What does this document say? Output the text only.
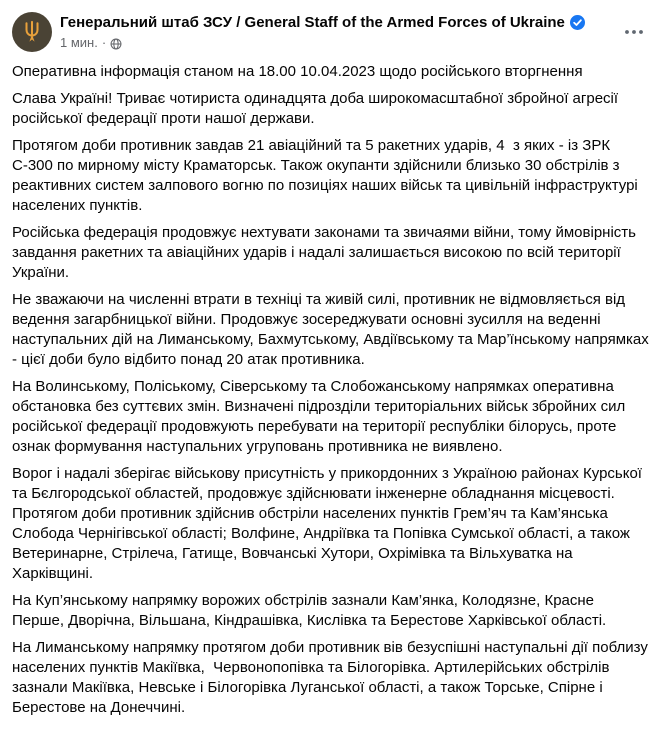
Генеральний штаб ЗСУ / General Staff of the Armed Forces of Ukraine
1 мин. ·

Оперативна інформація станом на 18.00 10.04.2023 щодо російського вторгнення

Слава Україні! Триває чотириста одинадцята доба широкомасштабної збройної агресії російської федерації проти нашої держави.

Протягом доби противник завдав 21 авіаційний та 5 ракетних ударів, 4  з яких - із ЗРК С-300 по мирному місту Краматорськ. Також окупанти здійснили близько 30 обстрілів з реактивних систем залпового вогню по позиціях наших військ та цивільній інфраструктурі населених пунктів.

Російська федерація продовжує нехтувати законами та звичаями війни, тому ймовірність завдання ракетних та авіаційних ударів і надалі залишається високою по всій території України.

Не зважаючи на численні втрати в техніці та живій силі, противник не відмовляється від ведення загарбницької війни. Продовжує зосереджувати основні зусилля на веденні наступальних дій на Лиманському, Бахмутському, Авдіївському та Мар’їнському напрямках - цієї доби було відбито понад 20 атак противника.

На Волинському, Поліському, Сіверському та Слобожанському напрямках оперативна обстановка без суттєвих змін. Визначені підрозділи територіальних військ збройних сил російської федерації продовжують перебувати на території республіки білорусь, проте ознак формування наступальних угруповань противника не виявлено.

Ворог і надалі зберігає військову присутність у прикордонних з Україною районах Курської та Бєлгородської областей, продовжує здійснювати інженерне обладнання місцевості. Протягом доби противник здійснив обстріли населених пунктів Грем’яч та Кам’янська Слобода Чернігівської області; Волфине, Андріївка та Попівка Сумської області, а також Ветеринарне, Стрілеча, Гатище, Вовчанські Хутори, Охрімівка та Вільхуватка на Харківщині.

На Куп’янському напрямку ворожих обстрілів зазнали Кам’янка, Колодязне, Красне Перше, Дворічна, Вільшана, Кіндрашівка, Кислівка та Берестове Харківської області.

На Лиманському напрямку протягом доби противник вів безуспішні наступальні дії поблизу населених пунктів Макіївка,  Червонопопівка та Білогорівка. Артилерійських обстрілів зазнали Макіївка, Невське і Білогорівка Луганської області, а також Торське, Спірне і Берестове на Донеччині.
